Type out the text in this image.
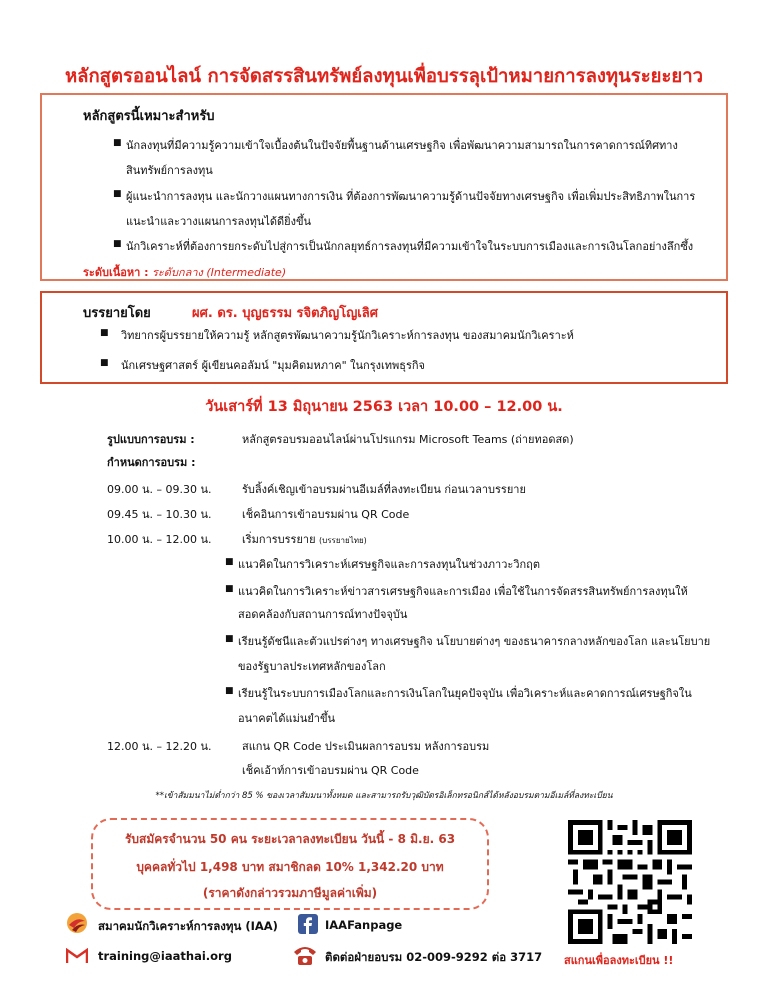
หลักสูตรออนไลน์ การจัดสรรสินทรัพย์ลงทุนเพื่อบรรลุเป้าหมายการลงทุนระยะยาว
หลักสูตรนี้เหมาะสำหรับ
■ นักลงทุนที่มีความรู้ความเข้าใจเบื้องต้นในปัจจัยพื้นฐานด้านเศรษฐกิจ เพื่อพัฒนาความสามารถในการคาดการณ์ทิศทาง
สินทรัพย์การลงทุน
■ ผู้แนะนำการลงทุน และนักวางแผนทางการเงิน ที่ต้องการพัฒนาความรู้ด้านปัจจัยทางเศรษฐกิจ เพื่อเพิ่มประสิทธิภาพในการ
แนะนำและวางแผนการลงทุนได้ดียิ่งขึ้น
■ นักวิเคราะห์ที่ต้องการยกระดับไปสู่การเป็นนักกลยุทธ์การลงทุนที่มีความเข้าใจในระบบการเมืองและการเงินโลกอย่างลึกซึ้ง
ระดับเนื้อหา : ระดับกลาง (Intermediate)
บรรยายโดย	ผศ. ดร. บุญธรรม รจิตภิญโญเลิศ
■ วิทยากรผู้บรรยายให้ความรู้ หลักสูตรพัฒนาความรู้นักวิเคราะห์การลงทุน ของสมาคมนักวิเคราะห์
■ นักเศรษฐศาสตร์ ผู้เขียนคอลัมน์ "มุมคิดมหภาค" ในกรุงเทพธุรกิจ
วันเสาร์ที่ 13 มิถุนายน 2563 เวลา 10.00 – 12.00 น.
รูปแบบการอบรม :	หลักสูตรอบรมออนไลน์ผ่านโปรแกรม Microsoft Teams (ถ่ายทอดสด)
กำหนดการอบรม :
09.00 น. – 09.30 น.	รับลิ้งค์เชิญเข้าอบรมผ่านอีเมล์ที่ลงทะเบียน ก่อนเวลาบรรยาย
09.45 น. – 10.30 น.	เช็คอินการเข้าอบรมผ่าน QR Code
10.00 น. – 12.00 น.	เริ่มการบรรยาย (บรรยายไทย)
■ แนวคิดในการวิเคราะห์เศรษฐกิจและการลงทุนในช่วงภาวะวิกฤต
■ แนวคิดในการวิเคราะห์ข่าวสารเศรษฐกิจและการเมือง เพื่อใช้ในการจัดสรรสินทรัพย์การลงทุนให้
สอดคล้องกับสถานการณ์ทางปัจจุบัน
■ เรียนรู้ดัชนีและตัวแปรต่างๆ ทางเศรษฐกิจ นโยบายต่างๆ ของธนาคารกลางหลักของโลก และนโยบาย
ของรัฐบาลประเทศหลักของโลก
■ เรียนรู้ในระบบการเมืองโลกและการเงินโลกในยุคปัจจุบัน เพื่อวิเคราะห์และคาดการณ์เศรษฐกิจใน
อนาคตได้แม่นยำขึ้น
12.00 น. – 12.20 น.	สแกน QR Code ประเมินผลการอบรม หลังการอบรม
เช็คเอ้าท์การเข้าอบรมผ่าน QR Code
**เข้าสัมมนาไม่ต่ำกว่า 85 % ของเวลาสัมมนาทั้งหมด และสามารถรับวุฒิบัตรอิเล็กทรอนิกส์ได้หลังอบรมตามอีเมล์ที่ลงทะเบียน
รับสมัครจำนวน 50 คน ระยะเวลาลงทะเบียน วันนี้ - 8 มิ.ย. 63
บุคคลทั่วไป 1,498 บาท สมาชิกลด 10% 1,342.20 บาท
(ราคาดังกล่าวรวมภาษีมูลค่าเพิ่ม)
สมาคมนักวิเคราะห์การลงทุน (IAA)	IAAFanpage
training@iaathai.org	ติดต่อฝ่ายอบรม 02-009-9292 ต่อ 3717 สแกนเพื่อลงทะเบียน !!
